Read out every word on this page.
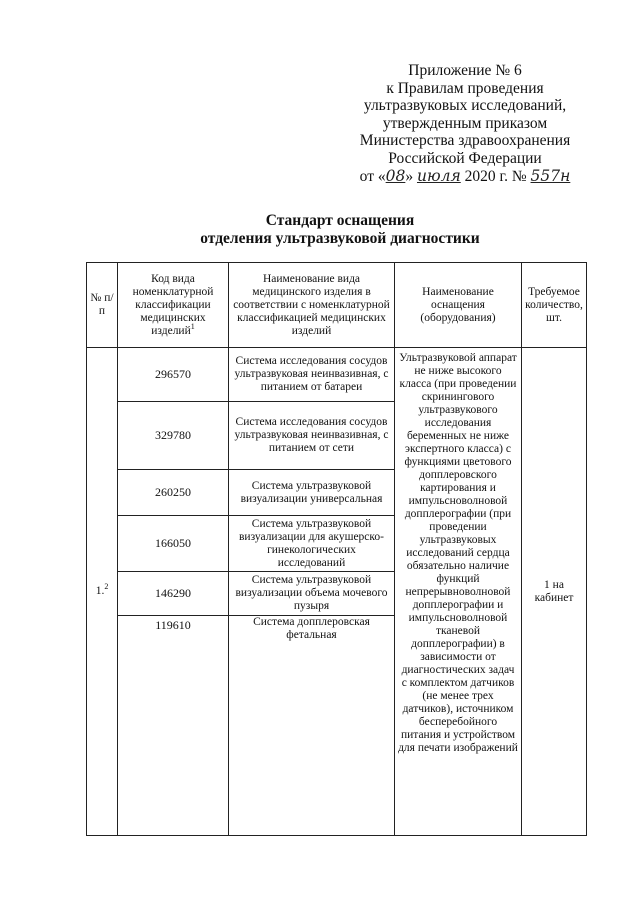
Приложение № 6
к Правилам проведения
ультразвуковых исследований,
утвержденным приказом
Министерства здравоохранения
Российской Федерации
от «08» июля 2020 г. № 557н
Стандарт оснащения
отделения ультразвуковой диагностики
№ п/п	Код вида номенклатурной классификации медицинских изделий$^1$	Наименование вида медицинского изделия в соответствии с номенклатурной классификацией медицинских изделий	Наименование оснащения (оборудования)	Требуемое количество, шт.
1.$^2$	296570	Система исследования сосудов ультразвуковая неинвазивная, с питанием от батареи	Ультразвуковой аппарат не ниже высокого класса (при проведении скринингового ультразвукового исследования беременных не ниже экспертного класса) с функциями цветового допплеровского картирования и импульсноволновой допплерографии (при проведении ультразвуковых исследований сердца обязательно наличие функций непрерывноволновой допплерографии и импульсноволновой тканевой допплерографии) в зависимости от диагностических задач с комплектом датчиков (не менее трех датчиков), источником бесперебойного питания и устройством для печати изображений	1 на кабинет
	329780	Система исследования сосудов ультразвуковая неинвазивная, с питанием от сети		
	260250	Система ультразвуковой визуализации универсальная		
	166050	Система ультразвуковой визуализации для акушерско-гинекологических исследований		
	146290	Система ультразвуковой визуализации объема мочевого пузыря		
	119610	Система допплеровская фетальная		
